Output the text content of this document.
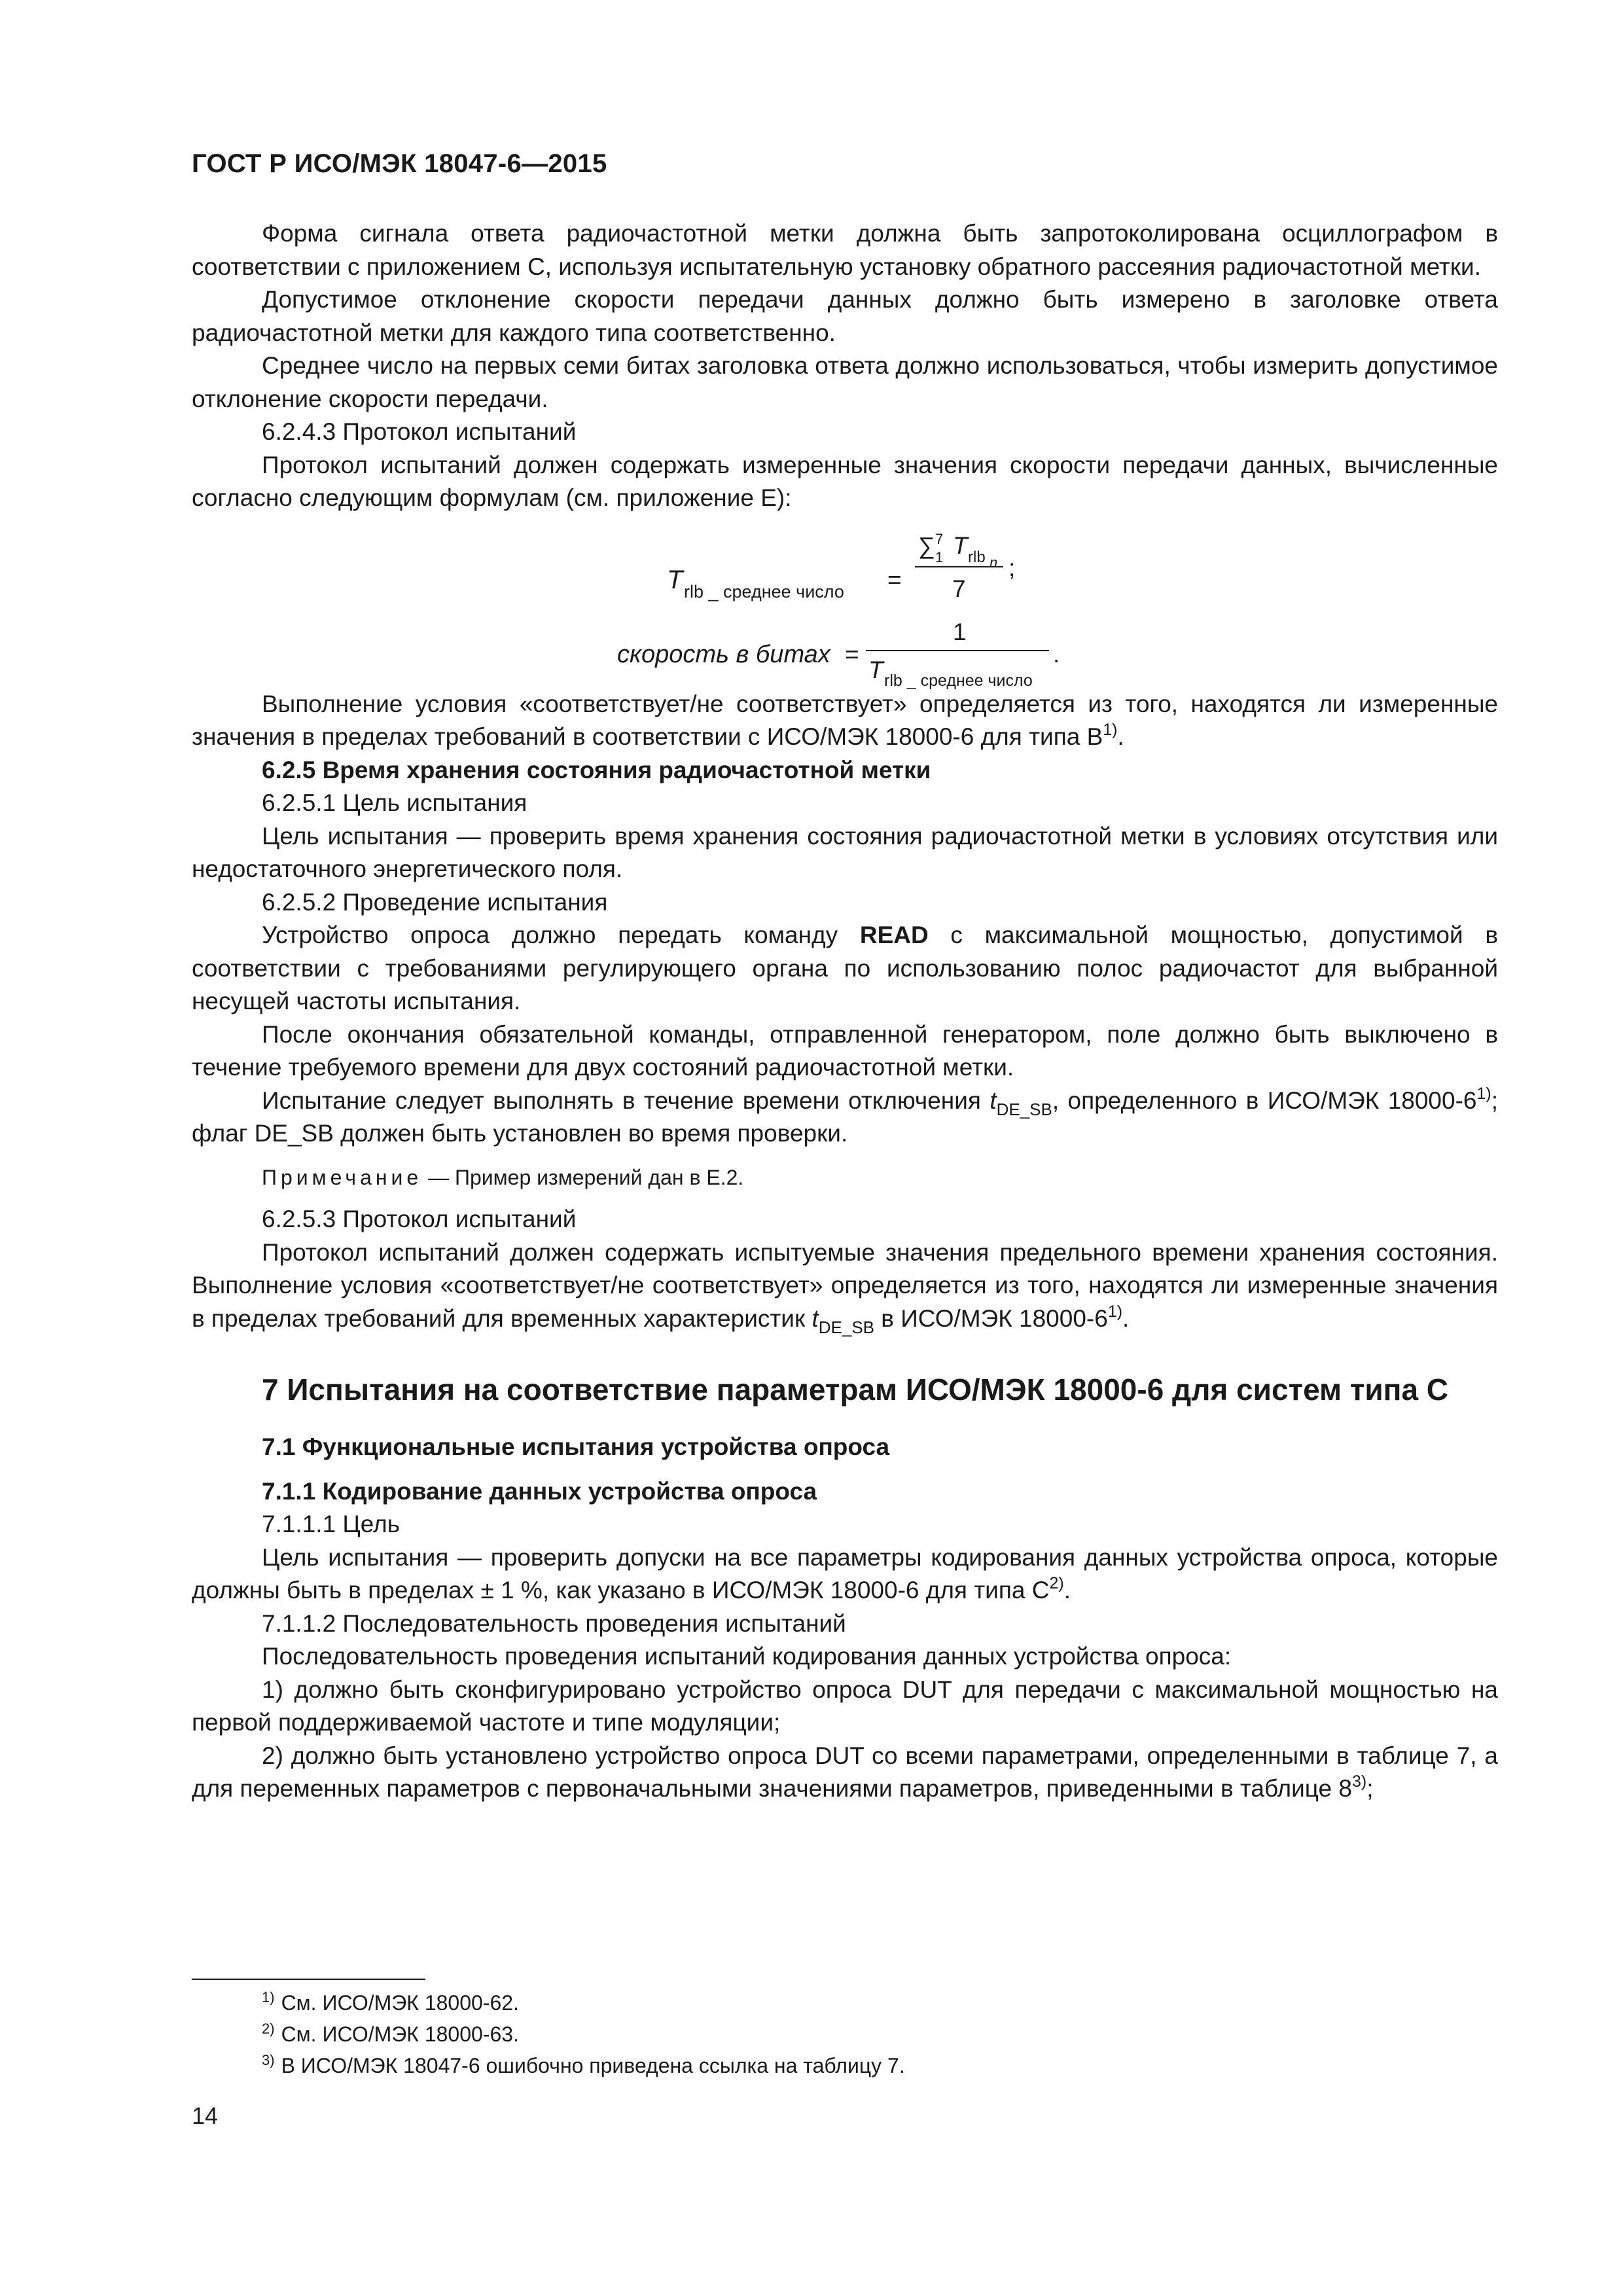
ГОСТ Р ИСО/МЭК 18047-6—2015

Форма сигнала ответа радиочастотной метки должна быть запротоколирована осциллографом в соответствии с приложением С, используя испытательную установку обратного рассеяния радиочастотной метки.

Допустимое отклонение скорости передачи данных должно быть измерено в заголовке ответа радиочастотной метки для каждого типа соответственно.

Среднее число на первых семи битах заголовка ответа должно использоваться, чтобы измерить допустимое отклонение скорости передачи.

6.2.4.3 Протокол испытаний

Протокол испытаний должен содержать измеренные значения скорости передачи данных, вычисленные согласно следующим формулам (см. приложение Е):

T rlb _ среднее число =
∑ 7
1 T rlb n
7
;
скорость в битах =
1
T rlb _ среднее число
.

Выполнение условия «соответствует/не соответствует» определяется из того, находятся ли измеренные значения в пределах требований в соответствии с ИСО/МЭК 18000-6 для типа $В^{1)}$.

6.2.5 Время хранения состояния радиочастотной метки

6.2.5.1 Цель испытания

Цель испытания — проверить время хранения состояния радиочастотной метки в условиях отсутствия или недостаточного энергетического поля.

6.2.5.2 Проведение испытания

Устройство опроса должно передать команду READ с максимальной мощностью, допустимой в соответствии с требованиями регулирующего органа по использованию полос радиочастот для выбранной несущей частоты испытания.

После окончания обязательной команды, отправленной генератором, поле должно быть выключено в течение требуемого времени для двух состояний радиочастотной метки.

Испытание следует выполнять в течение времени отключения $t_{DE\_SB}$, определенного в ИСО/МЭК 18000-6$^{1)}$; флаг DE_SB должен быть установлен во время проверки.

Примечание — Пример измерений дан в Е.2.

6.2.5.3 Протокол испытаний

Протокол испытаний должен содержать испытуемые значения предельного времени хранения состояния. Выполнение условия «соответствует/не соответствует» определяется из того, находятся ли измеренные значения в пределах требований для временных характеристик $t_{DE\_SB}$ в ИСО/МЭК 18000-6$^{1)}$.

7 Испытания на соответствие параметрам ИСО/МЭК 18000-6 для систем типа С
7.1 Функциональные испытания устройства опроса
7.1.1 Кодирование данных устройства опроса

7.1.1.1 Цель

Цель испытания — проверить допуски на все параметры кодирования данных устройства опроса, которые должны быть в пределах ± 1 %, как указано в ИСО/МЭК 18000-6 для типа $С^{2)}$.

7.1.1.2 Последовательность проведения испытаний

Последовательность проведения испытаний кодирования данных устройства опроса:

1) должно быть сконфигурировано устройство опроса DUT для передачи с максимальной мощностью на первой поддерживаемой частоте и типе модуляции;

2) должно быть установлено устройство опроса DUT со всеми параметрами, определенными в таблице 7, а для переменных параметров с первоначальными значениями параметров, приведенными в таблице 8$^{3)}$;

$^{1)}$ См. ИСО/МЭК 18000-62.
$^{2)}$ См. ИСО/МЭК 18000-63.
$^{3)}$ В ИСО/МЭК 18047-6 ошибочно приведена ссылка на таблицу 7.
14
